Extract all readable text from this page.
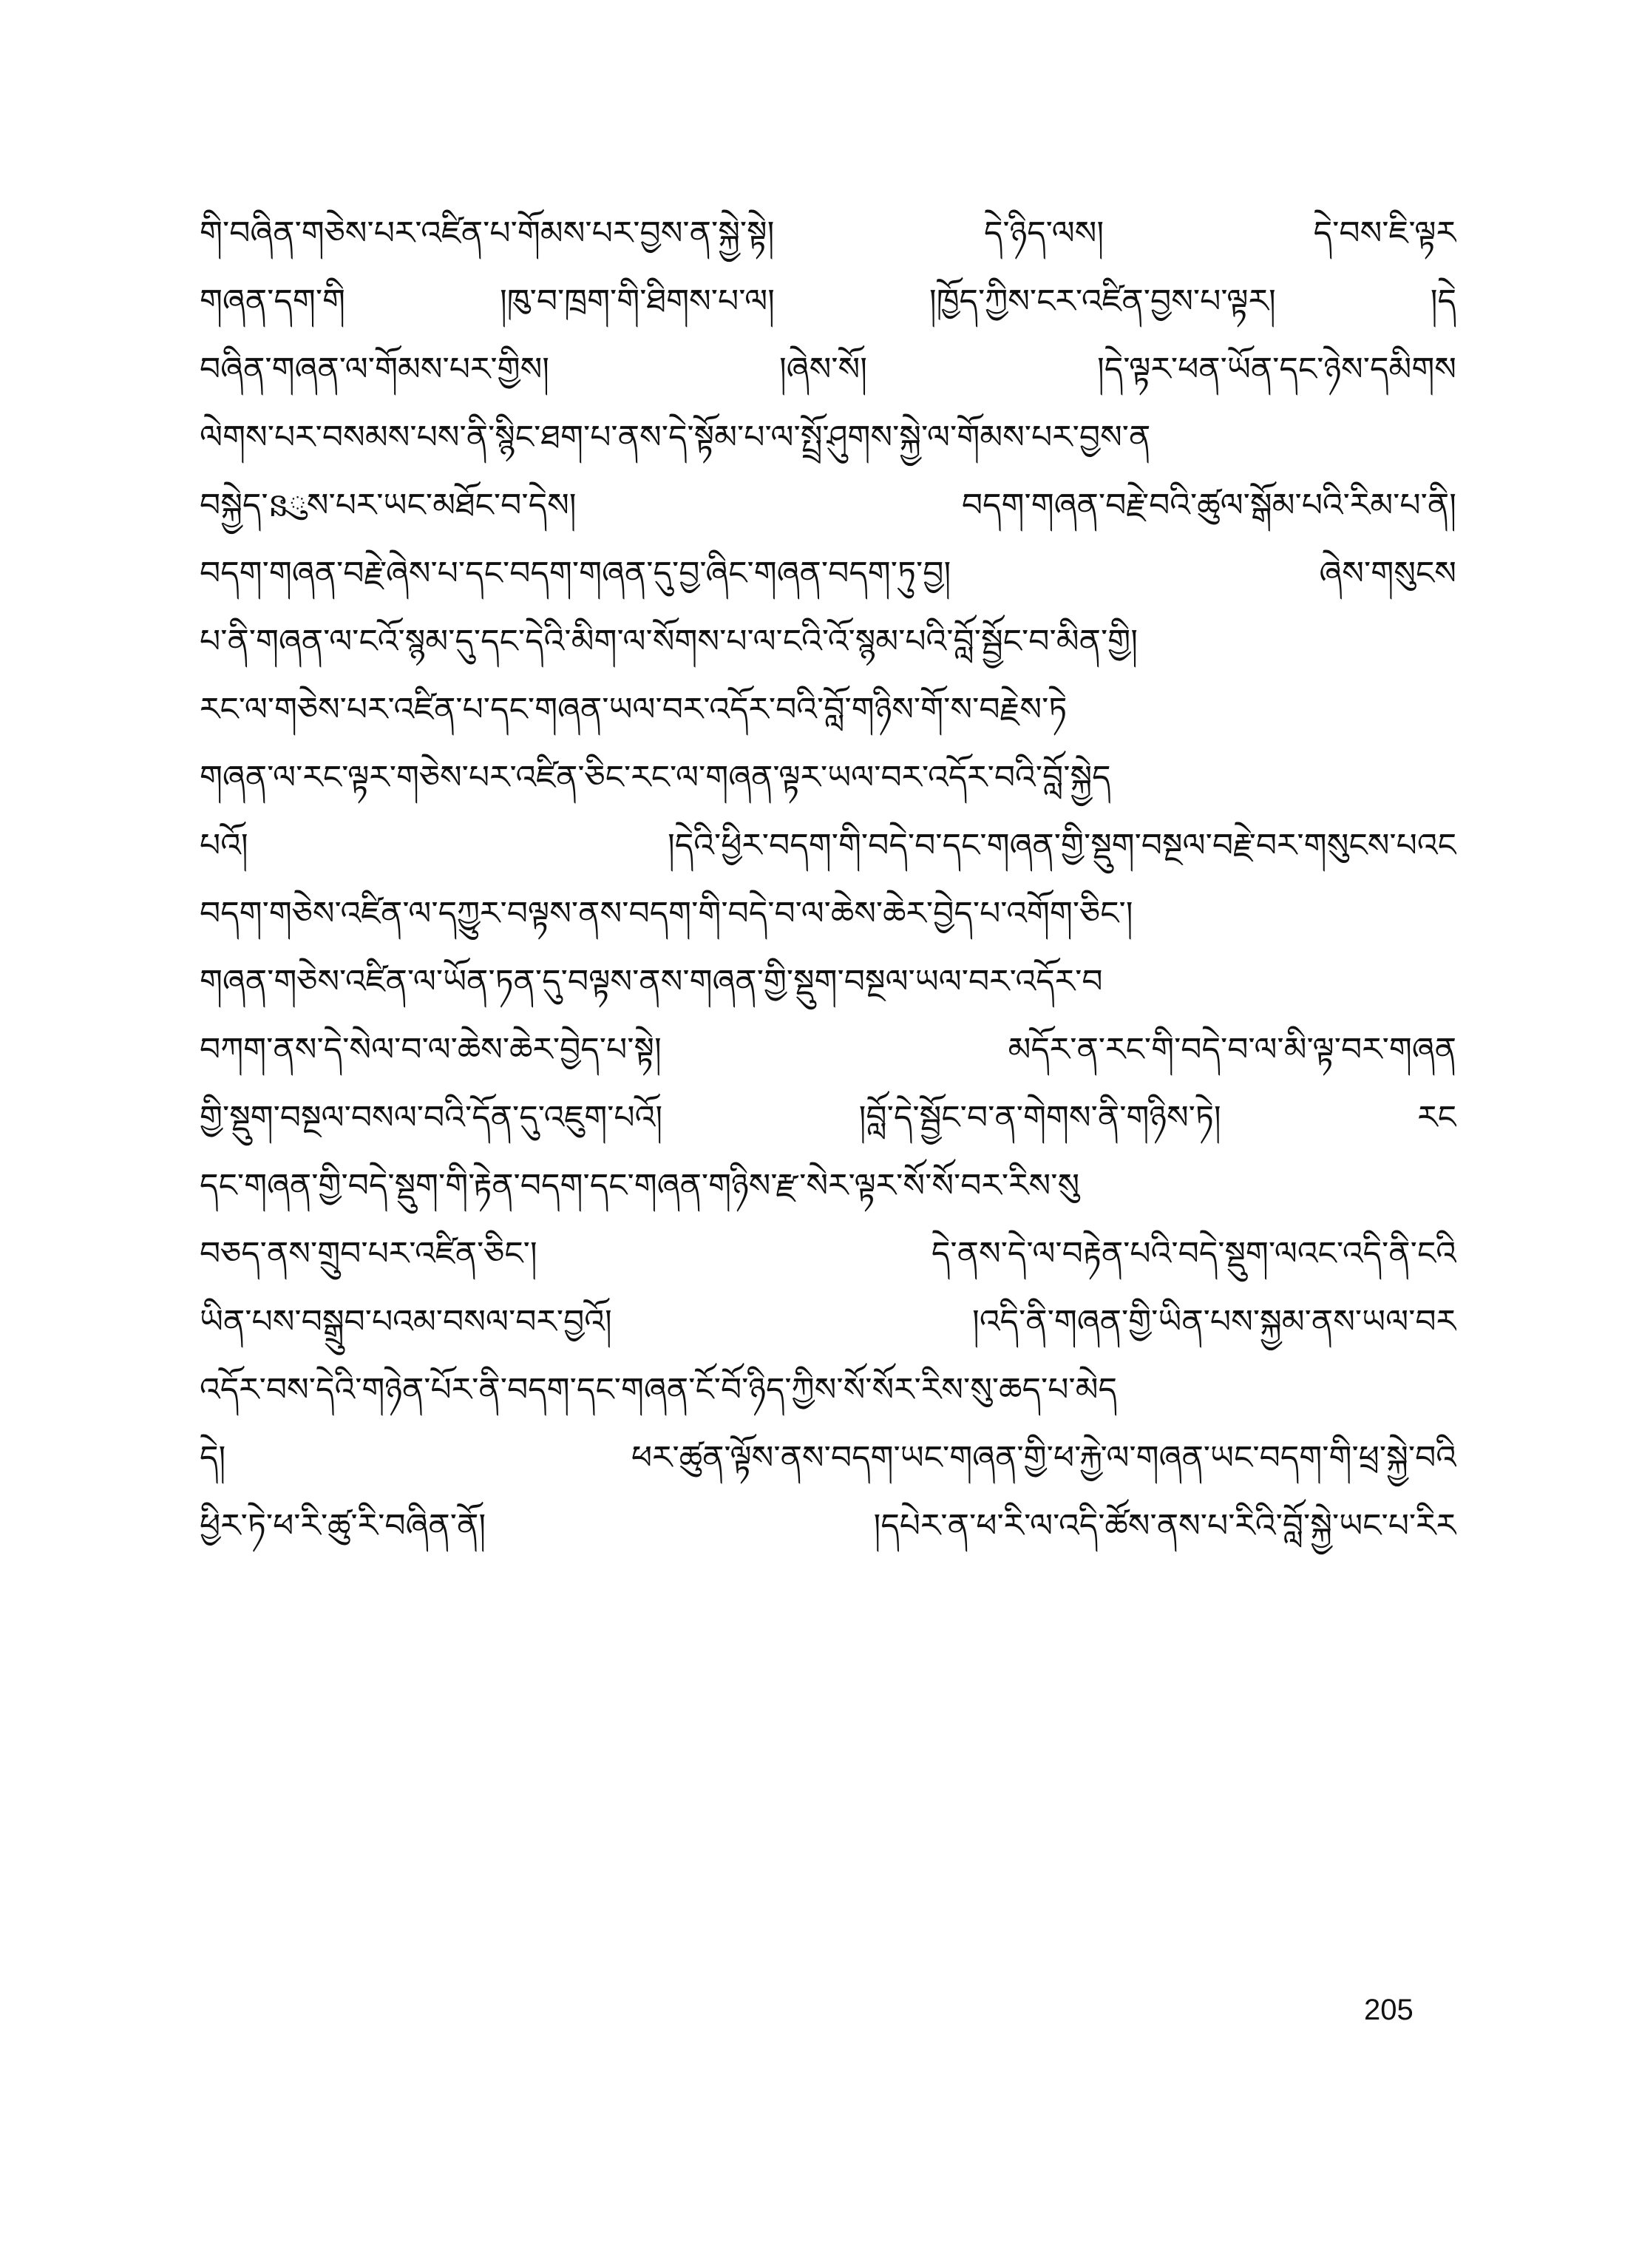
གི་བཞིན་གཅེས་པར་འཛིན་པ་གོམས་པར་བྱས་ན་སྐྱེ་སྟེ། དེ་ཉིད་ལས། དེ་བས་ཇི་ལྟར
གཞན་དག་གི །ཁུ་བ་ཁྲག་གི་ཐིགས་པ་ལ། །ཁྱོད་ཀྱིས་ངར་འཛིན་བྱས་པ་ལྟར། །དེ
བཞིན་གཞན་ལ་གོམས་པར་གྱིས། །ཞེས་སོ། །དེ་ལྟར་ཕན་ཡོན་དང་ཉེས་དམིགས
ལེགས་པར་བསམས་པས་ནི་སྙིང་ཐག་པ་ནས་དེ་སྟོམ་པ་ལ་སྤྲོ་ཤུགས་སྐྱེ་ལ་གོམས་པར་བྱས་ན
བསྐྱེད་នུས་པར་ཡང་མཐོང་བ་དེས། བདག་གཞན་བརྗེ་བའི་ཚུལ་སྒོམ་པའི་རིམ་པ་ནི།
བདག་གཞན་བརྗེ་ཞེས་པ་དང་བདག་གཞན་དུ་བྱ་ཞིང་གཞན་བདག་ཏུ་བྱ། ཞེས་གསུངས
པ་ནི་གཞན་ལ་ངའོ་སྙམ་དུ་དང་དེའི་མིག་ལ་སོགས་པ་ལ་ངའི་འོ་སྙམ་པའི་བློ་སྦྱོང་བ་མིན་གྱི།
རང་ལ་གཅེས་པར་འཛིན་པ་དང་གཞན་ཡལ་བར་འདོར་བའི་བློ་གཉིས་གོ་ས་བརྗེས་ཏེ
གཞན་ལ་རང་ལྟར་གཅེས་པར་འཛིན་ཅིང་རང་ལ་གཞན་ལྟར་ཡལ་བར་འདོར་བའི་བློ་སྐྱེད
པའོ། །དེའི་ཕྱིར་བདག་གི་བདེ་བ་དང་གཞན་གྱི་སྡུག་བསྔལ་བརྗེ་བར་གསུངས་པའང
བདག་གཅེས་འཛིན་ལ་དཀྱུར་བལྟས་ནས་བདག་གི་བདེ་བ་ལ་ཆེས་ཆེར་བྱེད་པ་འགོག་ཅིང་།
གཞན་གཅེས་འཛིན་ལ་ཡོན་ཏན་དུ་བལྟས་ནས་གཞན་གྱི་སྡུག་བསྔལ་ཡལ་བར་འདོར་བ
བཀག་ནས་དེ་སེལ་བ་ལ་ཆེས་ཆེར་བྱེད་པ་སྟེ། མདོར་ན་རང་གི་བདེ་བ་ལ་མི་ལྟ་བར་གཞན
གྱི་སྡུག་བསྔལ་བསལ་བའི་དོན་དུ་འཇུག་པའོ། །བློ་དེ་སྦྱོང་བ་ན་གེགས་ནི་གཉིས་ཏེ། རང
དང་གཞན་གྱི་བདེ་སྡུག་གི་རྟེན་བདག་དང་གཞན་གཉིས་རྫ་སེར་ལྟར་སོ་སོ་བར་རིས་སུ
བཅད་ནས་གྲུབ་པར་འཛིན་ཅིང་། དེ་ནས་དེ་ལ་བརྟེན་པའི་བདེ་སྡུག་ལའང་འདི་ནི་ངའི
ཡིན་པས་བསྒྲུབ་པའམ་བསལ་བར་བྱའོ། །འདི་ནི་གཞན་གྱི་ཡིན་པས་སྐྱམ་ནས་ཡལ་བར
འདོར་བས་དེའི་གཉེན་པོར་ནི་བདག་དང་གཞན་ངོ་བོ་ཉིད་ཀྱིས་སོ་སོར་རིས་སུ་ཆད་པ་མེད
དེ། ཕར་ཚུན་ལྟོས་ནས་བདག་ཡང་གཞན་གྱི་ཕ་རྐྱེ་ལ་གཞན་ཡང་བདག་གི་ཕྲ་སྐྱེ་བའི
ཕྱིར་ཏེ་ཕ་རི་ཚུ་རི་བཞིན་ནོ། །དཔེར་ན་ཕ་རི་ལ་འདི་ཚོས་ནས་པ་རིའི་བློ་སྐྱེ་ཡང་པ་རིར
205
